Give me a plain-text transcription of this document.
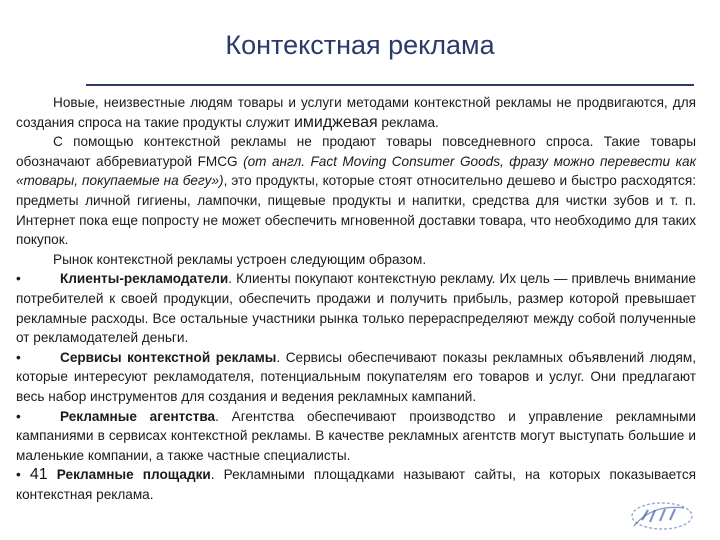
Контекстная реклама

Новые, неизвестные людям товары и услуги методами контекстной рекламы не продвигаются, для создания спроса на такие продукты служит имиджевая реклама.

С помощью контекстной рекламы не продают товары повседневного спроса. Такие товары обозначают аббревиатурой FMCG (от англ. Fact Moving Consumer Goods, фразу можно перевести как «товары, покупаемые на бегу»), это продукты, которые стоят относительно дешево и быстро расходятся: предметы личной гигиены, лампочки, пищевые продукты и напитки, средства для чистки зубов и т. п. Интернет пока еще попросту не может обеспечить мгновенной доставки товара, что необходимо для таких покупок.

Рынок контекстной рекламы устроен следующим образом.

•	Клиенты-рекламодатели. Клиенты покупают контекстную рекламу. Их цель — привлечь внимание потребителей к своей продукции, обеспечить продажи и получить прибыль, размер которой превышает рекламные расходы. Все остальные участники рынка только перераспределяют между собой полученные от рекламодателей деньги.

•	Сервисы контекстной рекламы. Сервисы обеспечивают показы рекламных объявлений людям, которые интересуют рекламодателя, потенциальным покупателям его товаров и услуг. Они предлагают весь набор инструментов для создания и ведения рекламных кампаний.

•	Рекламные агентства. Агентства обеспечивают производство и управление рекламными кампаниями в сервисах контекстной рекламы. В качестве рекламных агентств могут выступать большие и маленькие компании, а также частные специалисты.

• 41 Рекламные площадки. Рекламными площадками называют сайты, на которых показывается контекстная реклама.
